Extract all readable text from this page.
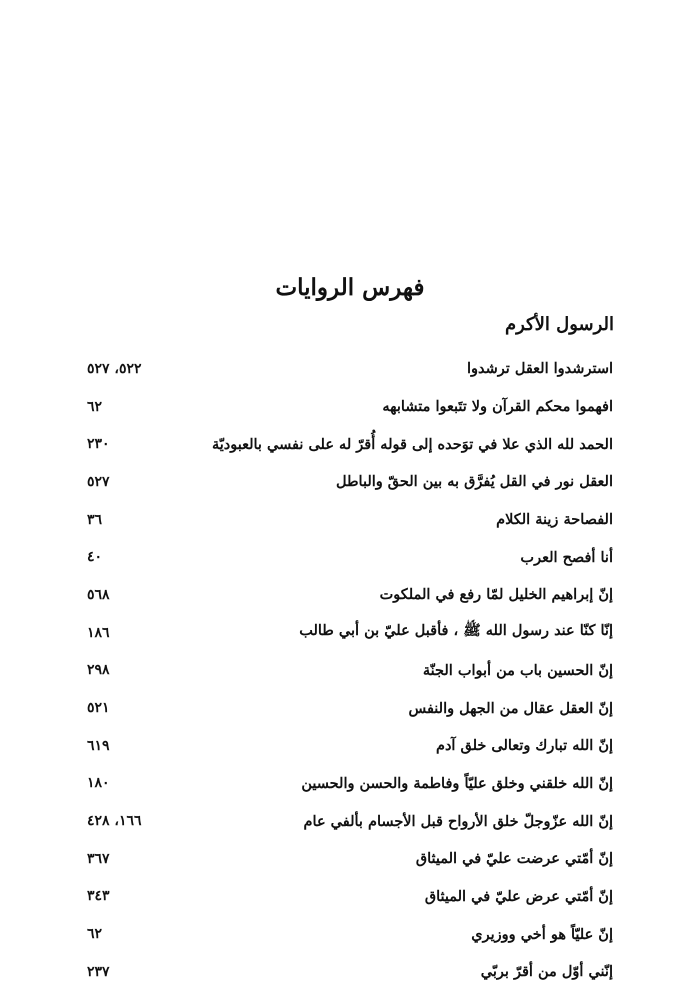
فهرس الروايات
الرسول الأكرم
استرشدوا العقل ترشدوا
٥٢٢، ٥٢٧
افهموا محكم القرآن ولا تتَبعوا متشابهه
٦٢
الحمد لله الذي علا في توَحده إلى قوله أُقرّ له على نفسي بالعبوديّة
٢٣٠
العقل نور في القل يُفرَّق به بين الحقّ والباطل
٥٢٧
الفصاحة زينة الكلام
٣٦
أنا أفصح العرب
٤٠
إنّ إبراهيم الخليل لمّا رفع في الملكوت
٥٦٨
إنّا كنّا عند رسول الله ﷺ ، فأقبل عليّ بن أبي طالب
١٨٦
إنّ الحسين باب من أبواب الجنّة
٢٩٨
إنّ العقل عقال من الجهل والنفس
٥٢١
إنّ الله تبارك وتعالى خلق آدم
٦١٩
إنّ الله خلقني وخلق عليّاً وفاطمة والحسن والحسين
١٨٠
إنّ الله عزّوجلّ خلق الأرواح قبل الأجسام بألفي عام
١٦٦، ٤٢٨
إنّ أمّتي عرضت عليّ في الميثاق
٣٦٧
إنّ أمّتي عرض عليّ في الميثاق
٣٤٣
إنّ عليّاً هو أخي ووزيري
٦٢
إنّني أوّل من أقرّ بربّي
٢٣٧
